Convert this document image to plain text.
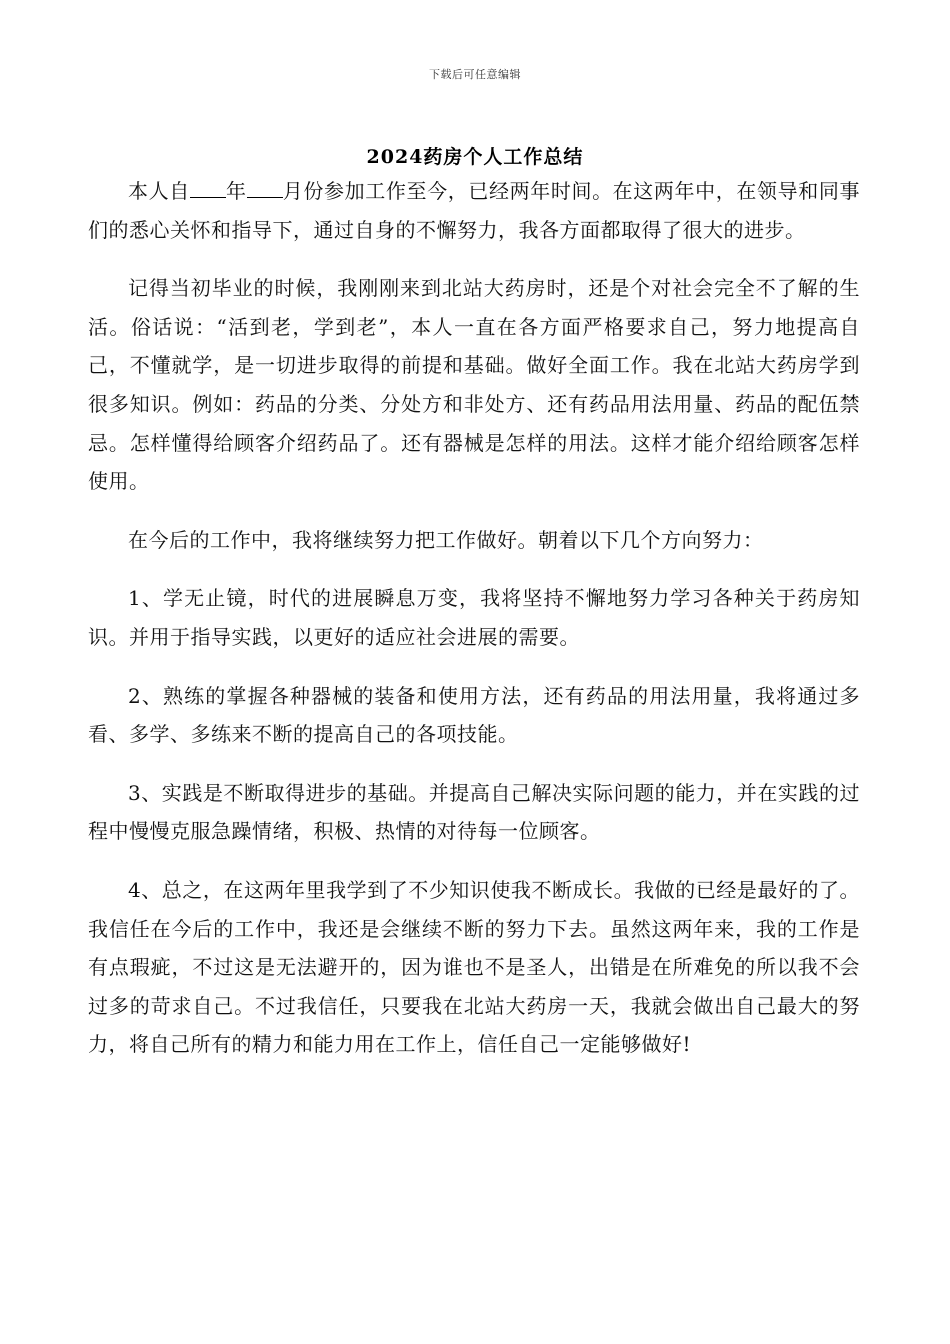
下载后可任意编辑
2024药房个人工作总结

本人自 年 月份参加工作至今，已经两年时间。在这两年中，在领导和同事们的悉心关怀和指导下，通过自身的不懈努力，我各方面都取得了很大的进步。

记得当初毕业的时候，我刚刚来到北站大药房时，还是个对社会完全不了解的生活。俗话说：“活到老，学到老”，本人一直在各方面严格要求自己，努力地提高自己，不懂就学，是一切进步取得的前提和基础。做好全面工作。我在北站大药房学到很多知识。例如：药品的分类、分处方和非处方、还有药品用法用量、药品的配伍禁忌。怎样懂得给顾客介绍药品了。还有器械是怎样的用法。这样才能介绍给顾客怎样使用。

在今后的工作中，我将继续努力把工作做好。朝着以下几个方向努力：

1、学无止镜，时代的进展瞬息万变，我将坚持不懈地努力学习各种关于药房知识。并用于指导实践，以更好的适应社会进展的需要。

2、熟练的掌握各种器械的装备和使用方法，还有药品的用法用量，我将通过多看、多学、多练来不断的提高自己的各项技能。

3、实践是不断取得进步的基础。并提高自己解决实际问题的能力，并在实践的过程中慢慢克服急躁情绪，积极、热情的对待每一位顾客。

4、总之，在这两年里我学到了不少知识使我不断成长。我做的已经是最好的了。我信任在今后的工作中，我还是会继续不断的努力下去。虽然这两年来，我的工作是有点瑕疵，不过这是无法避开的，因为谁也不是圣人，出错是在所难免的所以我不会过多的苛求自己。不过我信任，只要我在北站大药房一天，我就会做出自己最大的努力，将自己所有的精力和能力用在工作上，信任自己一定能够做好!
